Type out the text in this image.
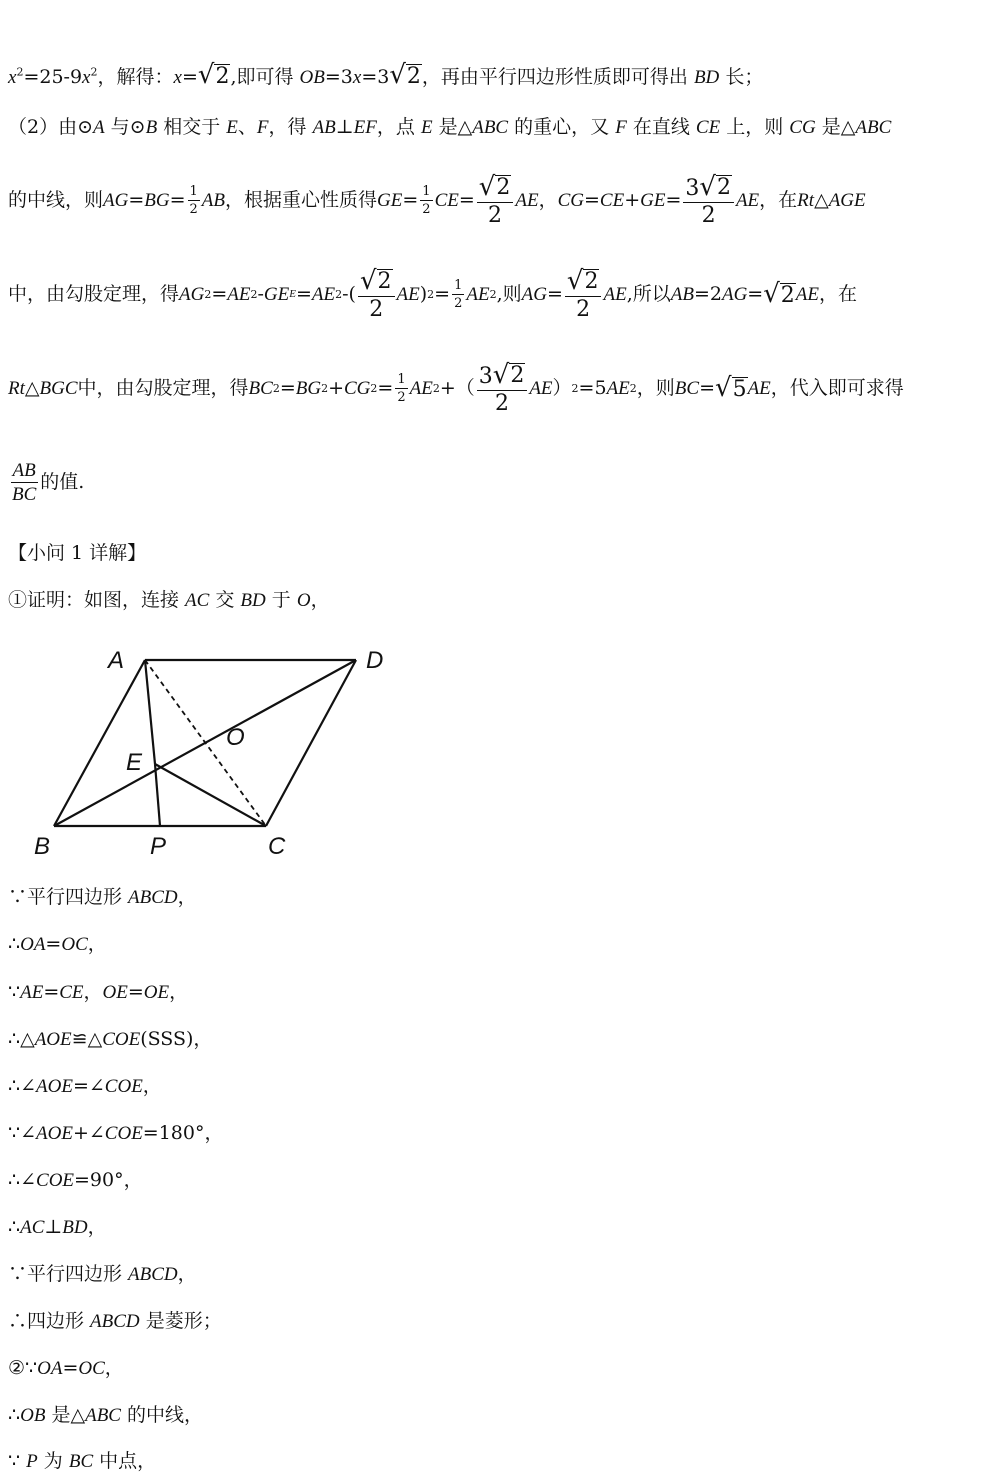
$x^2=25-9x^2$，解得：x= √ 2 ,即可得 OB=3x=3 √ 2 ，再由平行四边形性质即可得出 BD 长；
（2）由⊙A 与⊙B 相交于 E、F，得 AB⊥EF，点 E 是△ABC 的重心，又 F 在直线 CE 上，则 CG 是△ABC
的中线，则 AG = BG = $\frac{1}{2}$ AB ，根据重心性质得 GE = $\frac{1}{2}$ CE = $\frac{√ 2}{2}$ AE ， CG = CE + GE = $\frac{3 √ 2}{2}$ AE ，在 Rt △ AGE
中，由勾股定理，得 AG 2 = AE 2 - GE E = AE 2 -( $\frac{√ 2}{2}$ AE ) $2 = \frac{1}{2}$ AE 2 ,则 AG = $\frac{√ 2}{2}$ AE ,所以 AB =2 AG = √ 2 AE ，在
Rt △ BGC 中，由勾股定理，得 BC 2 = BG 2 + CG $2 = \frac{1}{2}$ AE 2 +（ $\frac{3 √ 2}{2}$ AE ） 2 =5 AE 2 ，则 BC = √ 5 AE ，代入即可求得
$\frac{AB}{BC}$ 的值.
【小问 1 详解】
①证明：如图，连接 AC 交 BD 于 O，
A	D
O
E
B	P	C
∵平行四边形 ABCD，
∴OA=OC，
∵AE=CE，OE=OE，
∴△AOE≌△COE(SSS)，
∴∠AOE=∠COE，
∵∠AOE+∠COE=180°，
∴∠COE=90°，
∴AC⊥BD，
∵平行四边形 ABCD，
∴四边形 ABCD 是菱形；
②∵OA=OC，
∴OB 是△ABC 的中线，
∵ P 为 BC 中点，
